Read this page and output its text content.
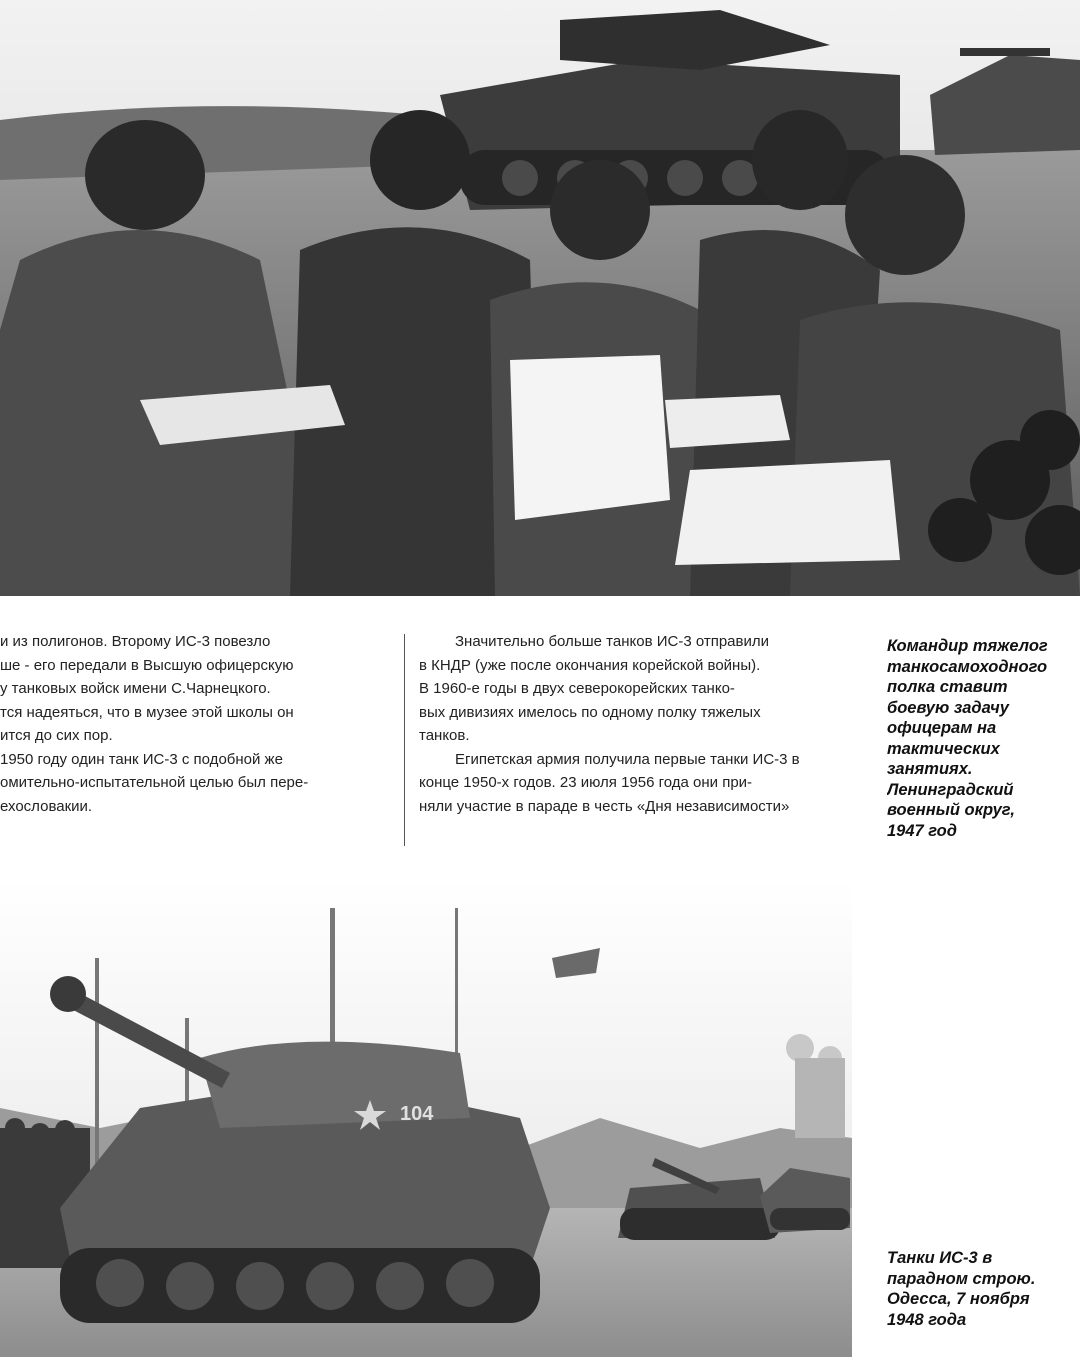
и из полигонов. Второму ИС-3 повезло

ше - его передали в Высшую офицерскую

у танковых войск имени С.Чарнецкого.

тся надеяться, что в музее этой школы он

ится до сих пор.

1950 году один танк ИС-3 с подобной же

омительно-испытательной целью был пере-

ехословакии.

Значительно больше танков ИС-3 отправили

в КНДР (уже после окончания корейской войны).

В 1960-е годы в двух северокорейских танко-

вых дивизиях имелось по одному полку тяжелых

танков.

Египетская армия получила первые танки ИС-3 в

конце 1950-х годов. 23 июля 1956 года они при-

няли участие в параде в честь «Дня независимости»

Командир тяжелог
танкосамоходного
полка ставит
боевую задачу
офицерам на
тактических
занятиях.
Ленинградский
военный округ,
1947 год
104
Танки ИС-3 в
парадном строю.
Одесса, 7 ноября
1948 года
